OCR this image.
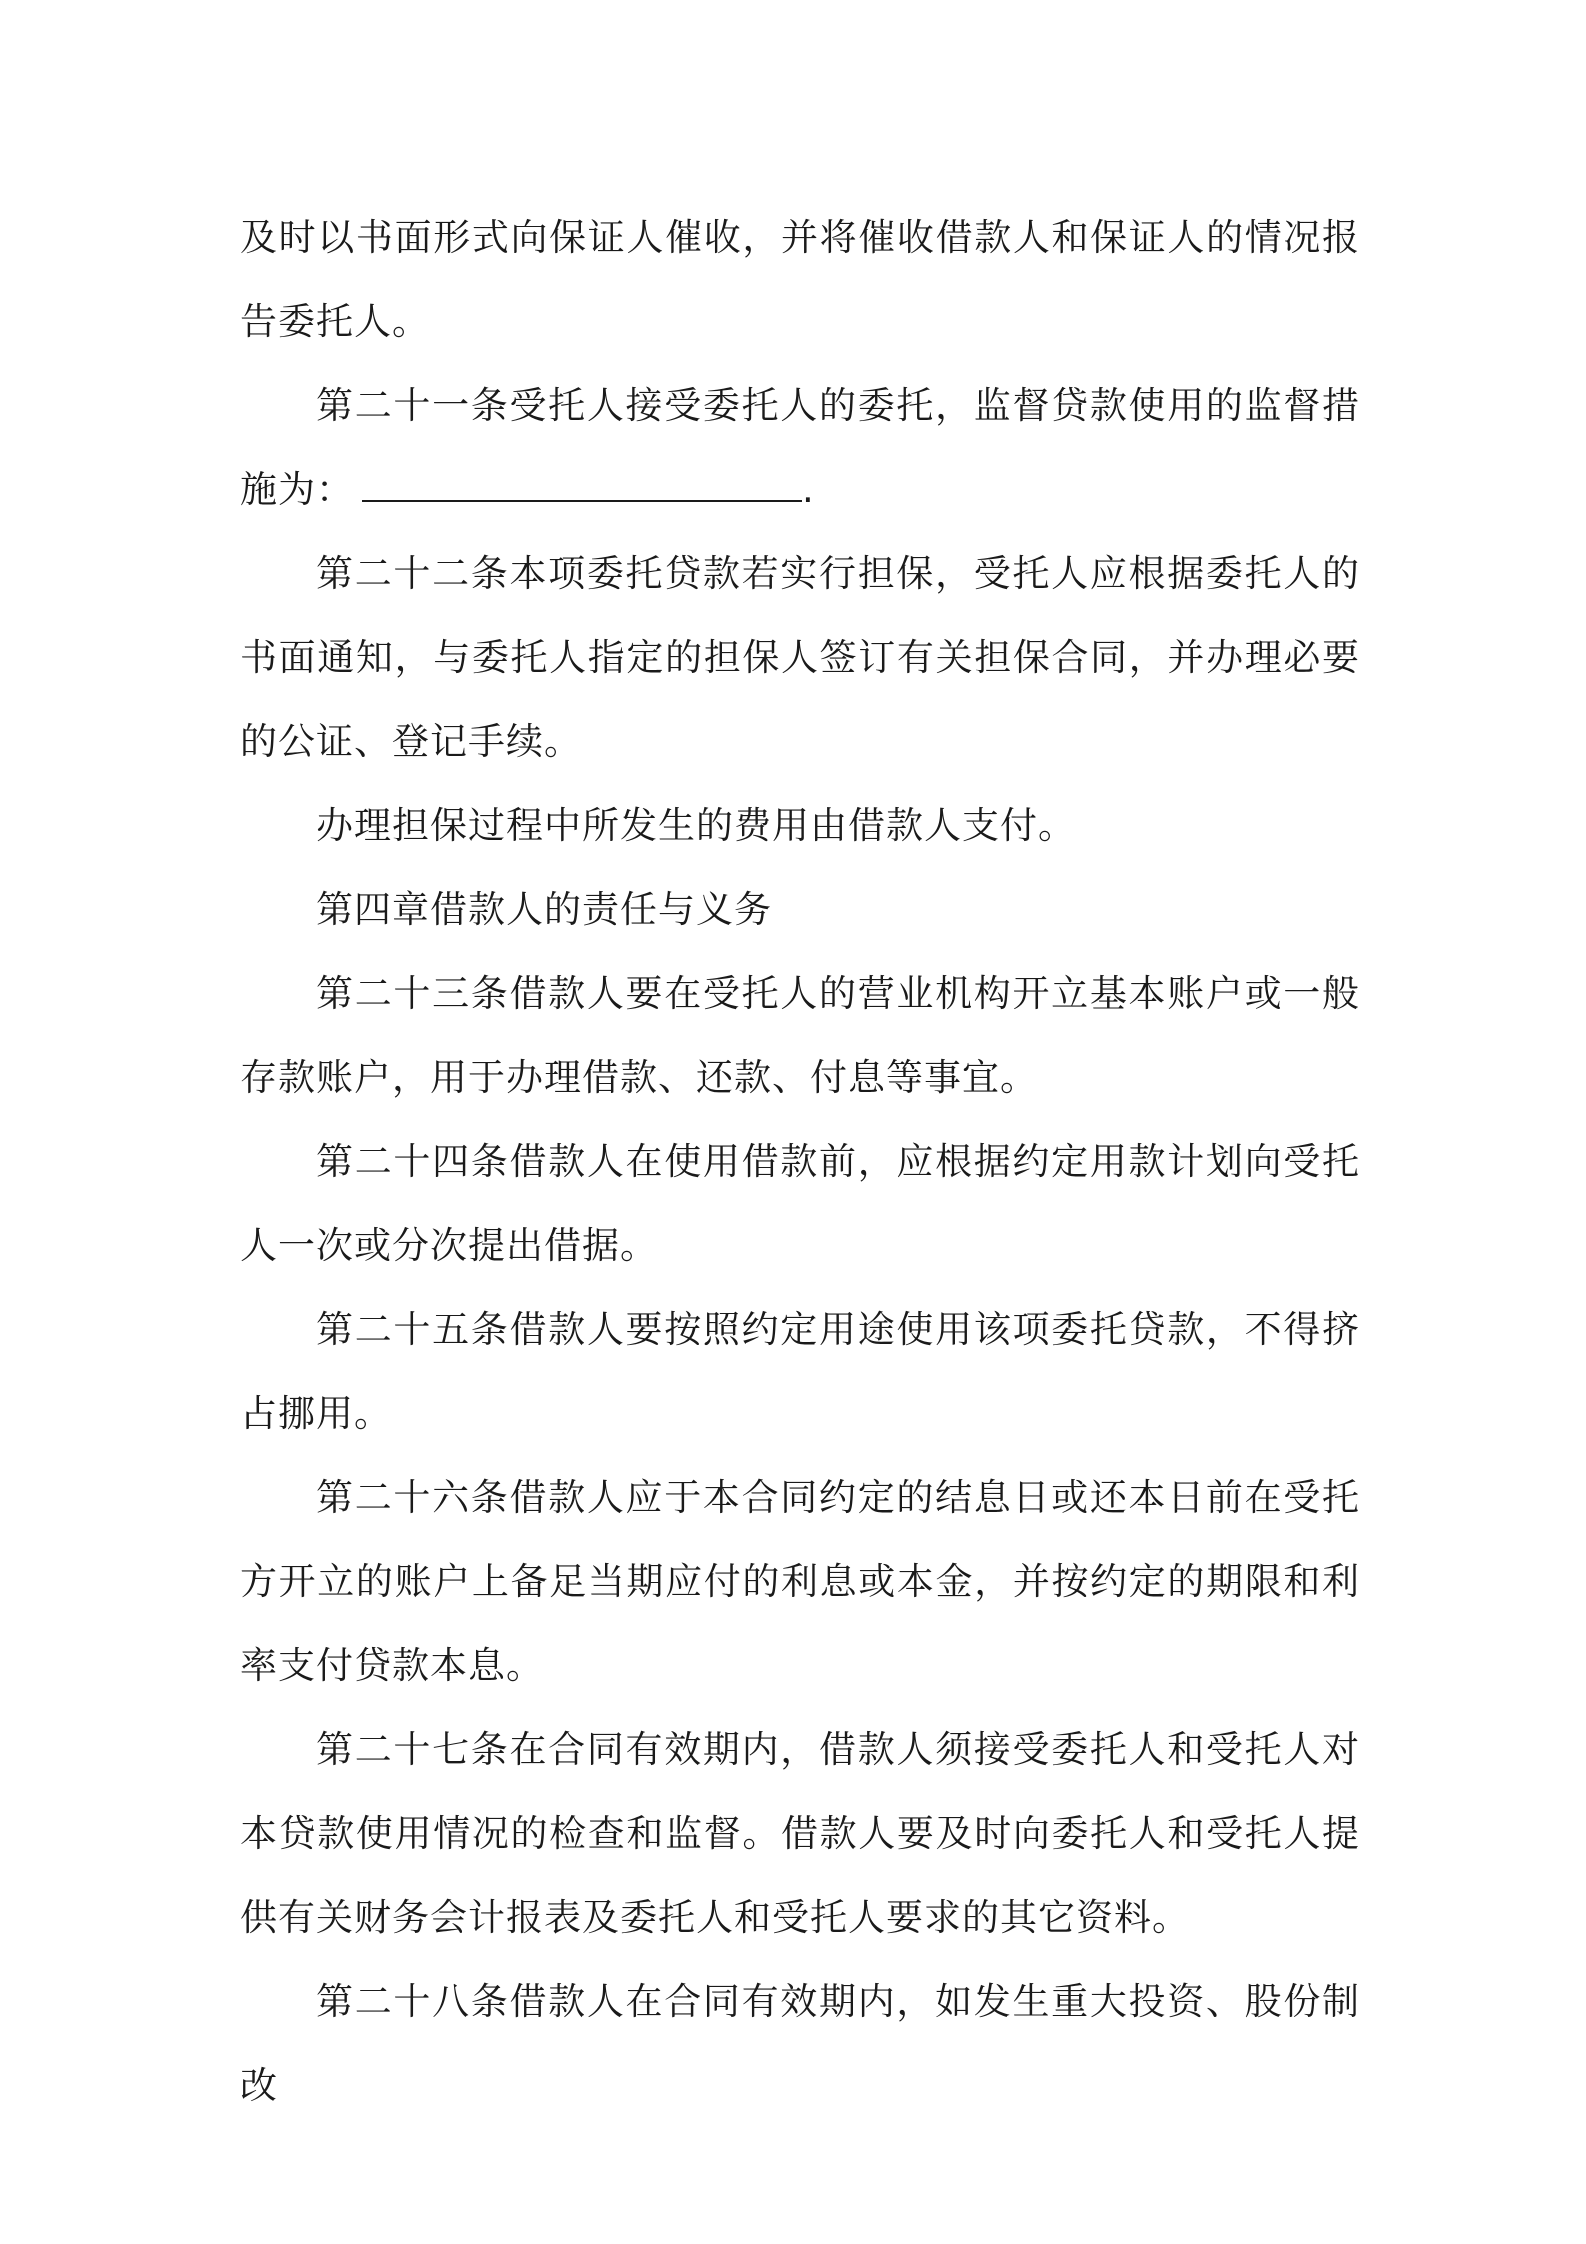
及时以书面形式向保证人催收，并将催收借款人和保证人的情况报告委托人。

第二十一条受托人接受委托人的委托，监督贷款使用的监督措施为：	.

第二十二条本项委托贷款若实行担保，受托人应根据委托人的书面通知，与委托人指定的担保人签订有关担保合同，并办理必要的公证、登记手续。

办理担保过程中所发生的费用由借款人支付。

第四章借款人的责任与义务

第二十三条借款人要在受托人的营业机构开立基本账户或一般存款账户，用于办理借款、还款、付息等事宜。

第二十四条借款人在使用借款前，应根据约定用款计划向受托人一次或分次提出借据。

第二十五条借款人要按照约定用途使用该项委托贷款，不得挤占挪用。

第二十六条借款人应于本合同约定的结息日或还本日前在受托方开立的账户上备足当期应付的利息或本金，并按约定的期限和利率支付贷款本息。

第二十七条在合同有效期内，借款人须接受委托人和受托人对本贷款使用情况的检查和监督。借款人要及时向委托人和受托人提供有关财务会计报表及委托人和受托人要求的其它资料。

第二十八条借款人在合同有效期内，如发生重大投资、股份制改
